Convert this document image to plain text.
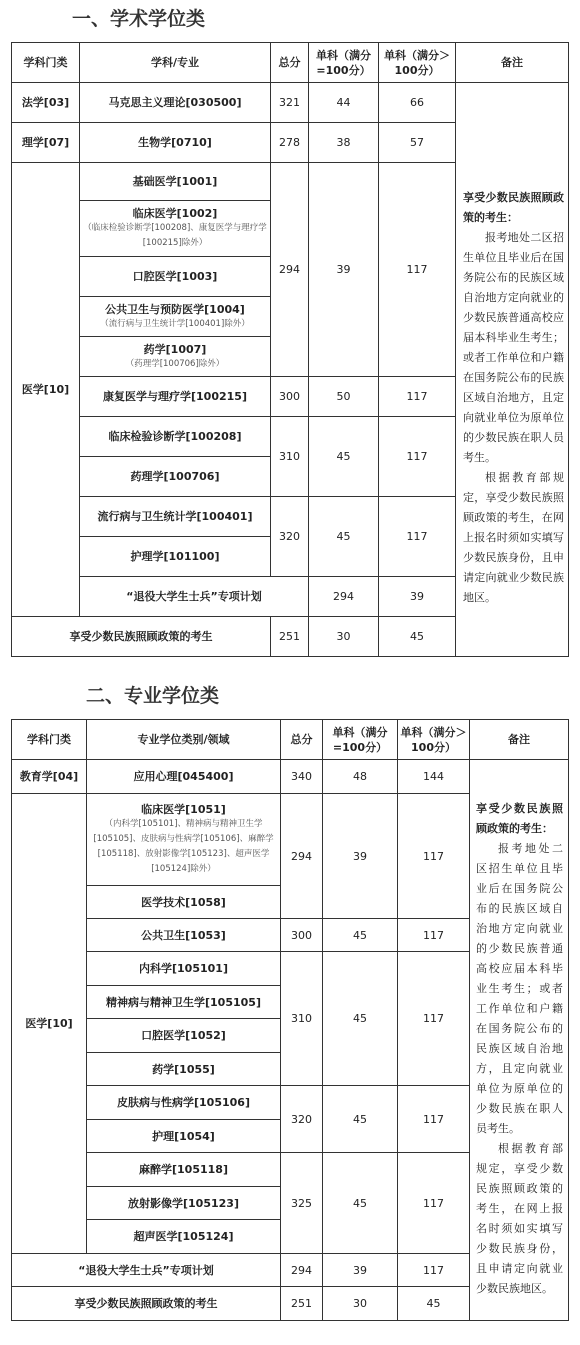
一、学术学位类
学科门类	学科/专业	总分	单科（满分=100分）	单科（满分＞100分）	备注	
法学[03]	马克思主义理论[030500]	321	44	66	享受少数民族照顾政策的考生：

报考地处二区招生单位且毕业后在国务院公布的民族区域自治地方定向就业的少数民族普通高校应届本科毕业生考生；或者工作单位和户籍在国务院公布的民族区域自治地方，且定向就业单位为原单位的少数民族在职人员考生。

根据教育部规定，享受少数民族照顾政策的考生，在网上报名时须如实填写少数民族身份，且申请定向就业少数民族地区。	

理学[07]	生物学[0710]	278	38	57		
医学[10]	基础医学[1001]	294	39	117		
	临床医学[1002]
（临床检验诊断学[100208]、康复医学与理疗学[100215]除外）					

	口腔医学[1003]					
	公共卫生与预防医学[1004]
（流行病与卫生统计学[100401]除外）					

	药学[1007]
（药理学[100706]除外）					

	康复医学与理疗学[100215]	300	50	117		
	临床检验诊断学[100208]	310	45	117		
	药理学[100706]					
	流行病与卫生统计学[100401]	320	45	117		
	护理学[101100]					
	“退役大学生士兵”专项计划		294	39	
享受少数民族照顾政策的考生		251	30	45		
二、专业学位类
学科门类	专业学位类别/领域	总分	单科（满分=100分）	单科（满分＞100分）	备注
教育学[04]	应用心理[045400]	340	48	144	享受少数民族照顾政策的考生：

报考地处二区招生单位且毕业后在国务院公布的民族区域自治地方定向就业的少数民族普通高校应届本科毕业生考生；或者工作单位和户籍在国务院公布的民族区域自治地方，且定向就业单位为原单位的少数民族在职人员考生。

根据教育部规定，享受少数民族照顾政策的考生，在网上报名时须如实填写少数民族身份，且申请定向就业少数民族地区。

医学[10]	临床医学[1051]
（内科学[105101]、精神病与精神卫生学[105105]、皮肤病与性病学[105106]、麻醉学[105118]、放射影像学[105123]、超声医学[105124]除外）	294	39	117	
	医学技术[1058]				
	公共卫生[1053]	300	45	117	
	内科学[105101]	310	45	117	
	精神病与精神卫生学[105105]				
	口腔医学[1052]				
	药学[1055]				
	皮肤病与性病学[105106]	320	45	117	
	护理[1054]				
	麻醉学[105118]	325	45	117	
	放射影像学[105123]				
	超声医学[105124]				
“退役大学生士兵”专项计划		294	39	117	
享受少数民族照顾政策的考生		251	30	45	
